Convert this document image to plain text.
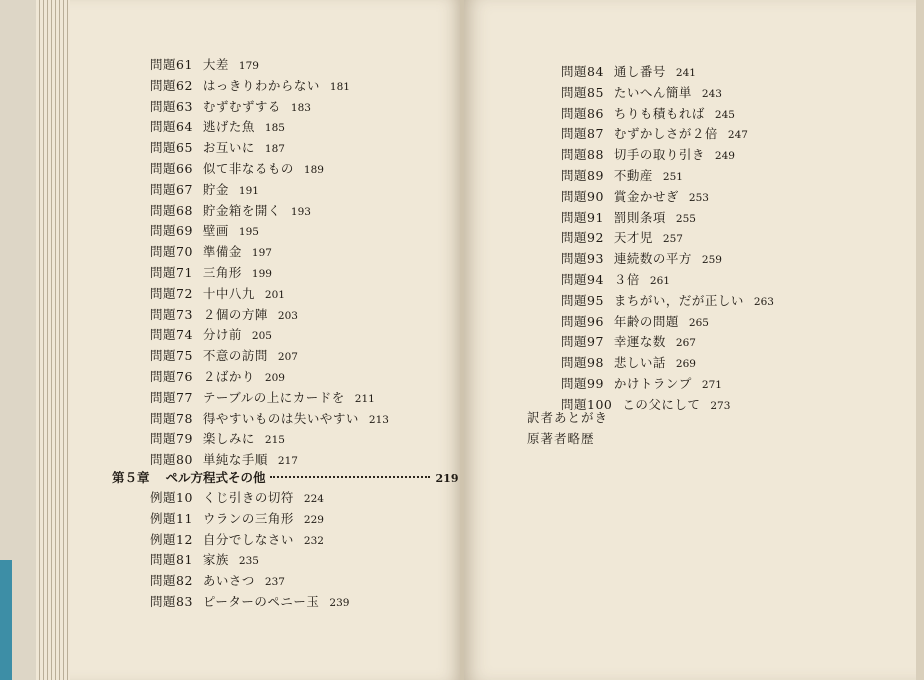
問題61 大差 179
問題62 はっきりわからない 181
問題63 むずむずする 183
問題64 逃げた魚 185
問題65 お互いに 187
問題66 似て非なるもの 189
問題67 貯金 191
問題68 貯金箱を開く 193
問題69 壁画 195
問題70 準備金 197
問題71 三角形 199
問題72 十中八九 201
問題73 ２個の方陣 203
問題74 分け前 205
問題75 不意の訪問 207
問題76 ２ばかり 209
問題77 テーブルの上にカードを 211
問題78 得やすいものは失いやすい 213
問題79 楽しみに 215
問題80 単純な手順 217
第５章 ペル方程式その他	219
例題10 くじ引きの切符 224
例題11 ウランの三角形 229
例題12 自分でしなさい 232
問題81 家族 235
問題82 あいさつ 237
問題83 ピーターのペニー玉 239
問題84 通し番号 241
問題85 たいへん簡単 243
問題86 ちりも積もれば 245
問題87 むずかしさが２倍 247
問題88 切手の取り引き 249
問題89 不動産 251
問題90 賞金かせぎ 253
問題91 罰則条項 255
問題92 天才児 257
問題93 連続数の平方 259
問題94 ３倍 261
問題95 まちがい，だが正しい 263
問題96 年齢の問題 265
問題97 幸運な数 267
問題98 悲しい話 269
問題99 かけトランプ 271
問題100 この父にして 273
訳者あとがき
原著者略歴
